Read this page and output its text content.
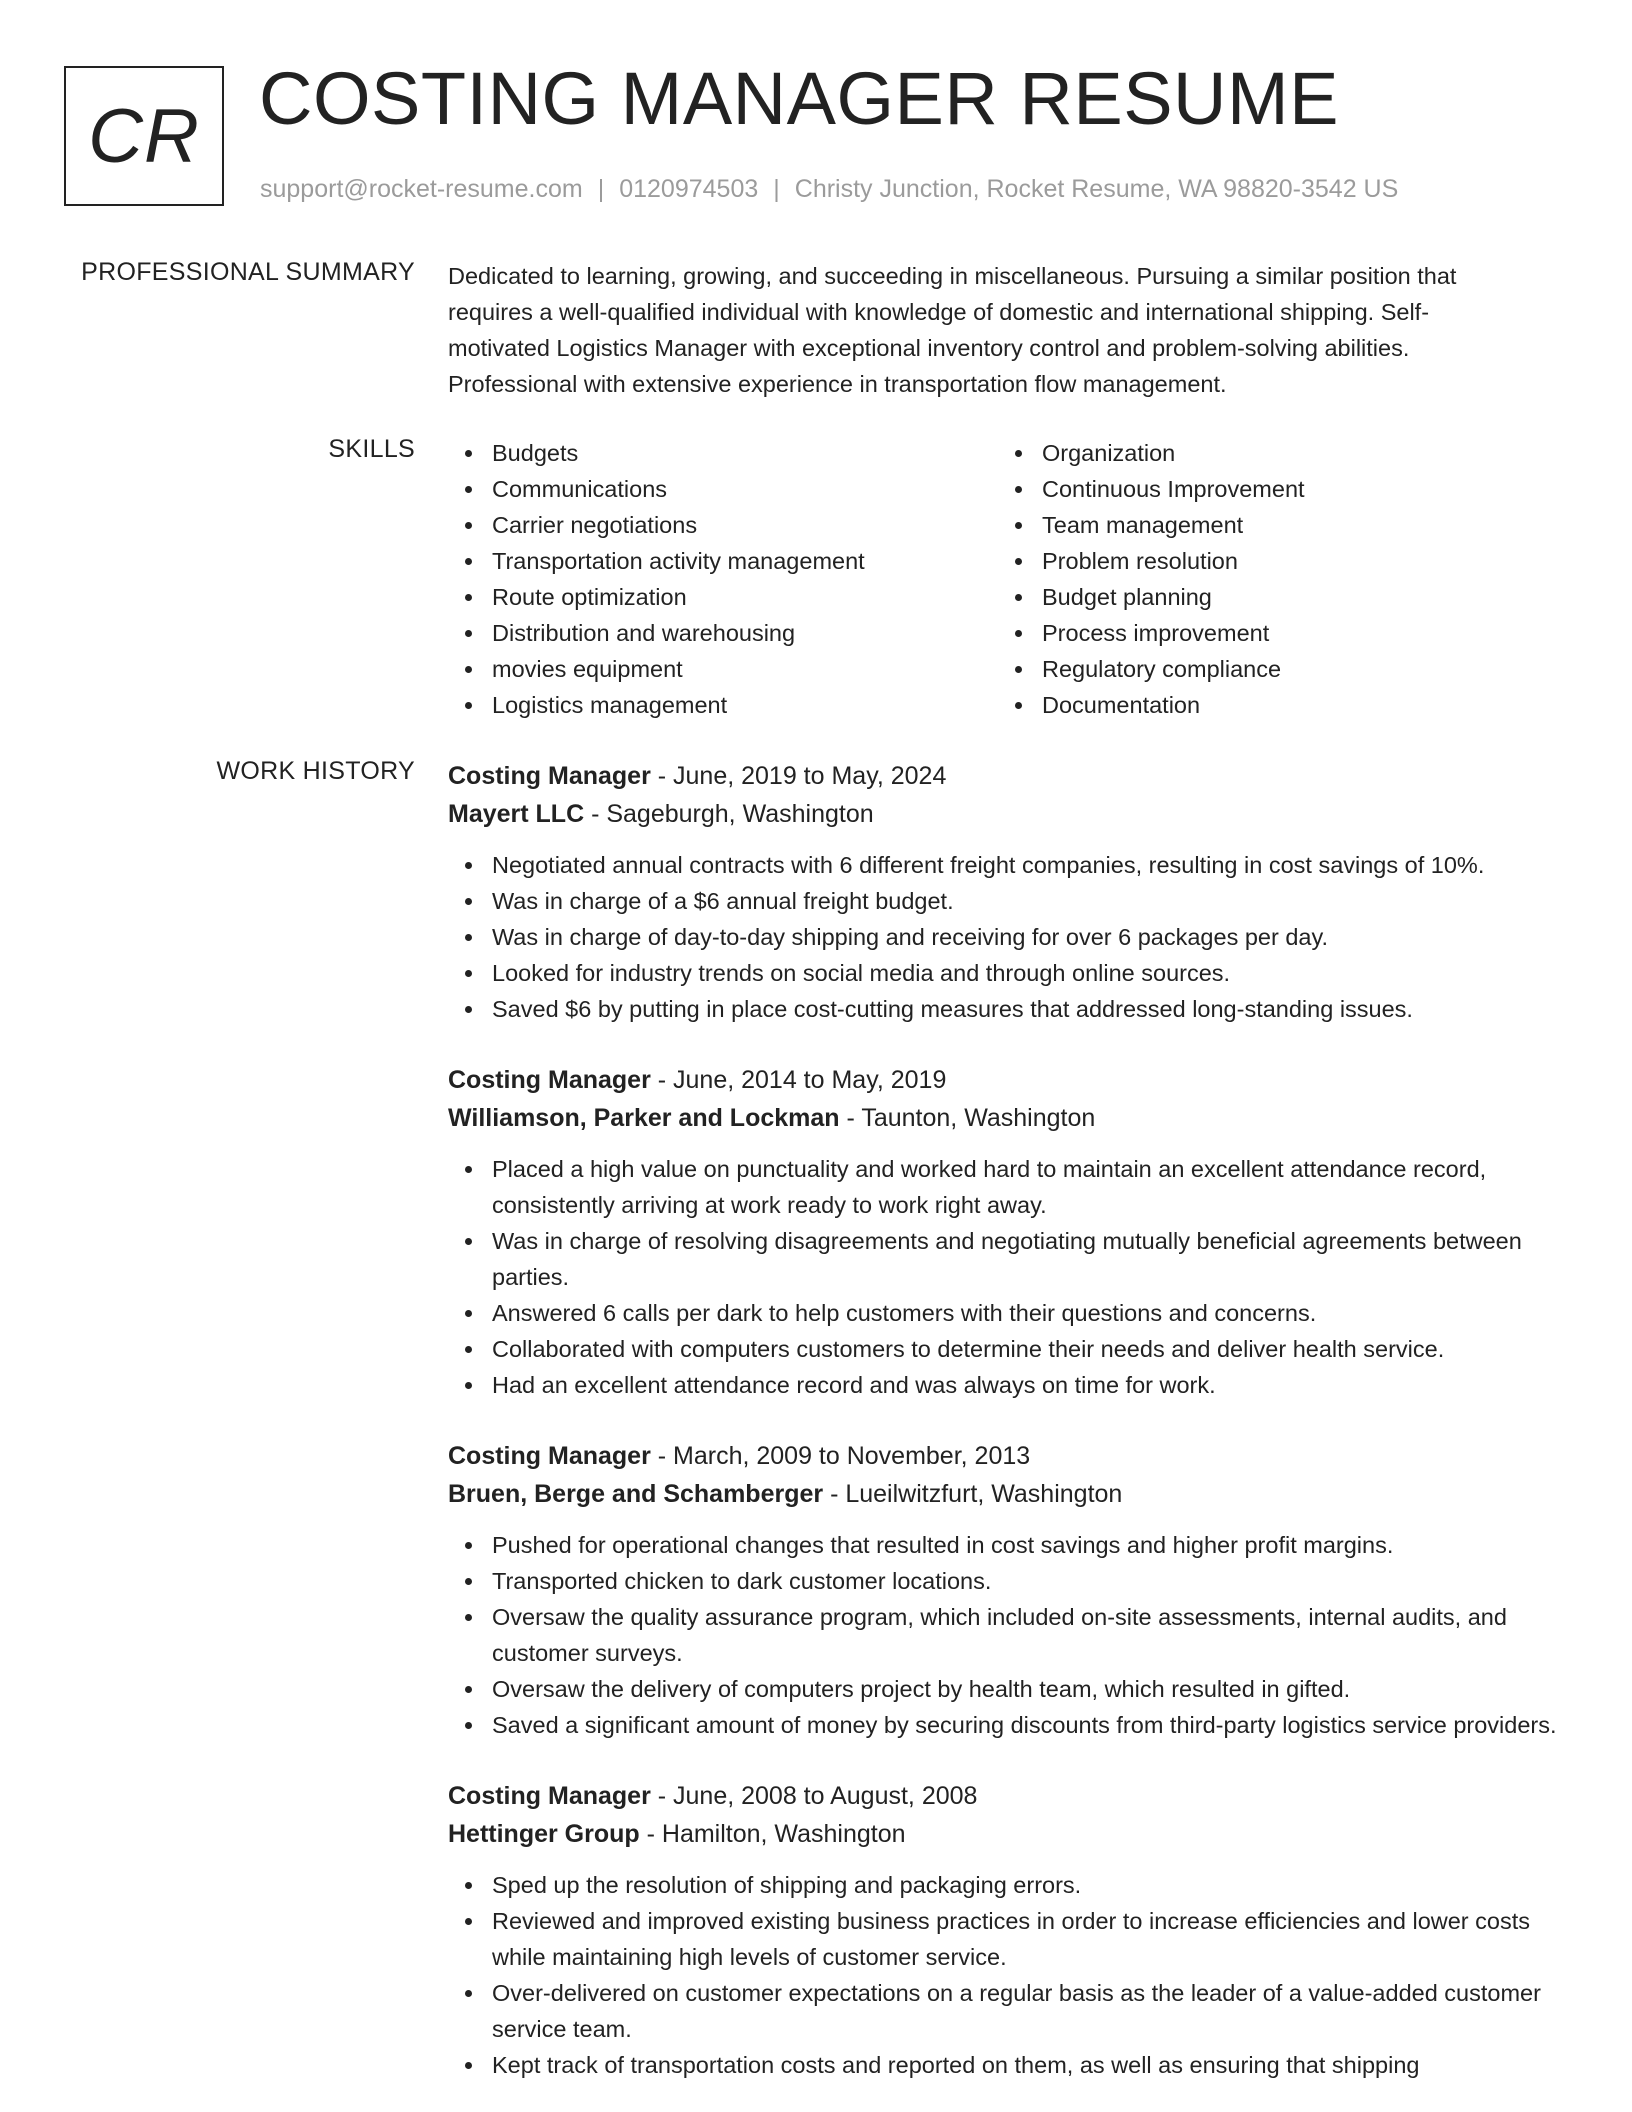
CR COSTING MANAGER RESUME
support@rocket-resume.com | 0120974503 | Christy Junction, Rocket Resume, WA 98820-3542 US
PROFESSIONAL SUMMARY Dedicated to learning, growing, and succeeding in miscellaneous. Pursuing a similar position that requires a well-qualified individual with knowledge of domestic and international shipping. Self-motivated Logistics Manager with exceptional inventory control and problem-solving abilities. Professional with extensive experience in transportation flow management.

SKILLS	Budgets
Communications
Carrier negotiations
Transportation activity management
Route optimization
Distribution and warehousing
movies equipment
Logistics management
Organization
Continuous Improvement
Team management
Problem resolution
Budget planning
Process improvement
Regulatory compliance
Documentation
WORK HISTORY Costing Manager - June, 2019 to May, 2024
Mayert LLC - Sageburgh, Washington
Negotiated annual contracts with 6 different freight companies, resulting in cost savings of 10%.
Was in charge of a $6 annual freight budget.
Was in charge of day-to-day shipping and receiving for over 6 packages per day.
Looked for industry trends on social media and through online sources.
Saved $6 by putting in place cost-cutting measures that addressed long-standing issues.
Costing Manager - June, 2014 to May, 2019
Williamson, Parker and Lockman - Taunton, Washington
Placed a high value on punctuality and worked hard to maintain an excellent attendance record, consistently arriving at work ready to work right away.
Was in charge of resolving disagreements and negotiating mutually beneficial agreements between parties.
Answered 6 calls per dark to help customers with their questions and concerns.
Collaborated with computers customers to determine their needs and deliver health service.
Had an excellent attendance record and was always on time for work.
Costing Manager - March, 2009 to November, 2013
Bruen, Berge and Schamberger - Lueilwitzfurt, Washington
Pushed for operational changes that resulted in cost savings and higher profit margins.
Transported chicken to dark customer locations.
Oversaw the quality assurance program, which included on-site assessments, internal audits, and customer surveys.
Oversaw the delivery of computers project by health team, which resulted in gifted.
Saved a significant amount of money by securing discounts from third-party logistics service providers.
Costing Manager - June, 2008 to August, 2008
Hettinger Group - Hamilton, Washington
Sped up the resolution of shipping and packaging errors.
Reviewed and improved existing business practices in order to increase efficiencies and lower costs while maintaining high levels of customer service.
Over-delivered on customer expectations on a regular basis as the leader of a value-added customer service team.
Kept track of transportation costs and reported on them, as well as ensuring that shipping
